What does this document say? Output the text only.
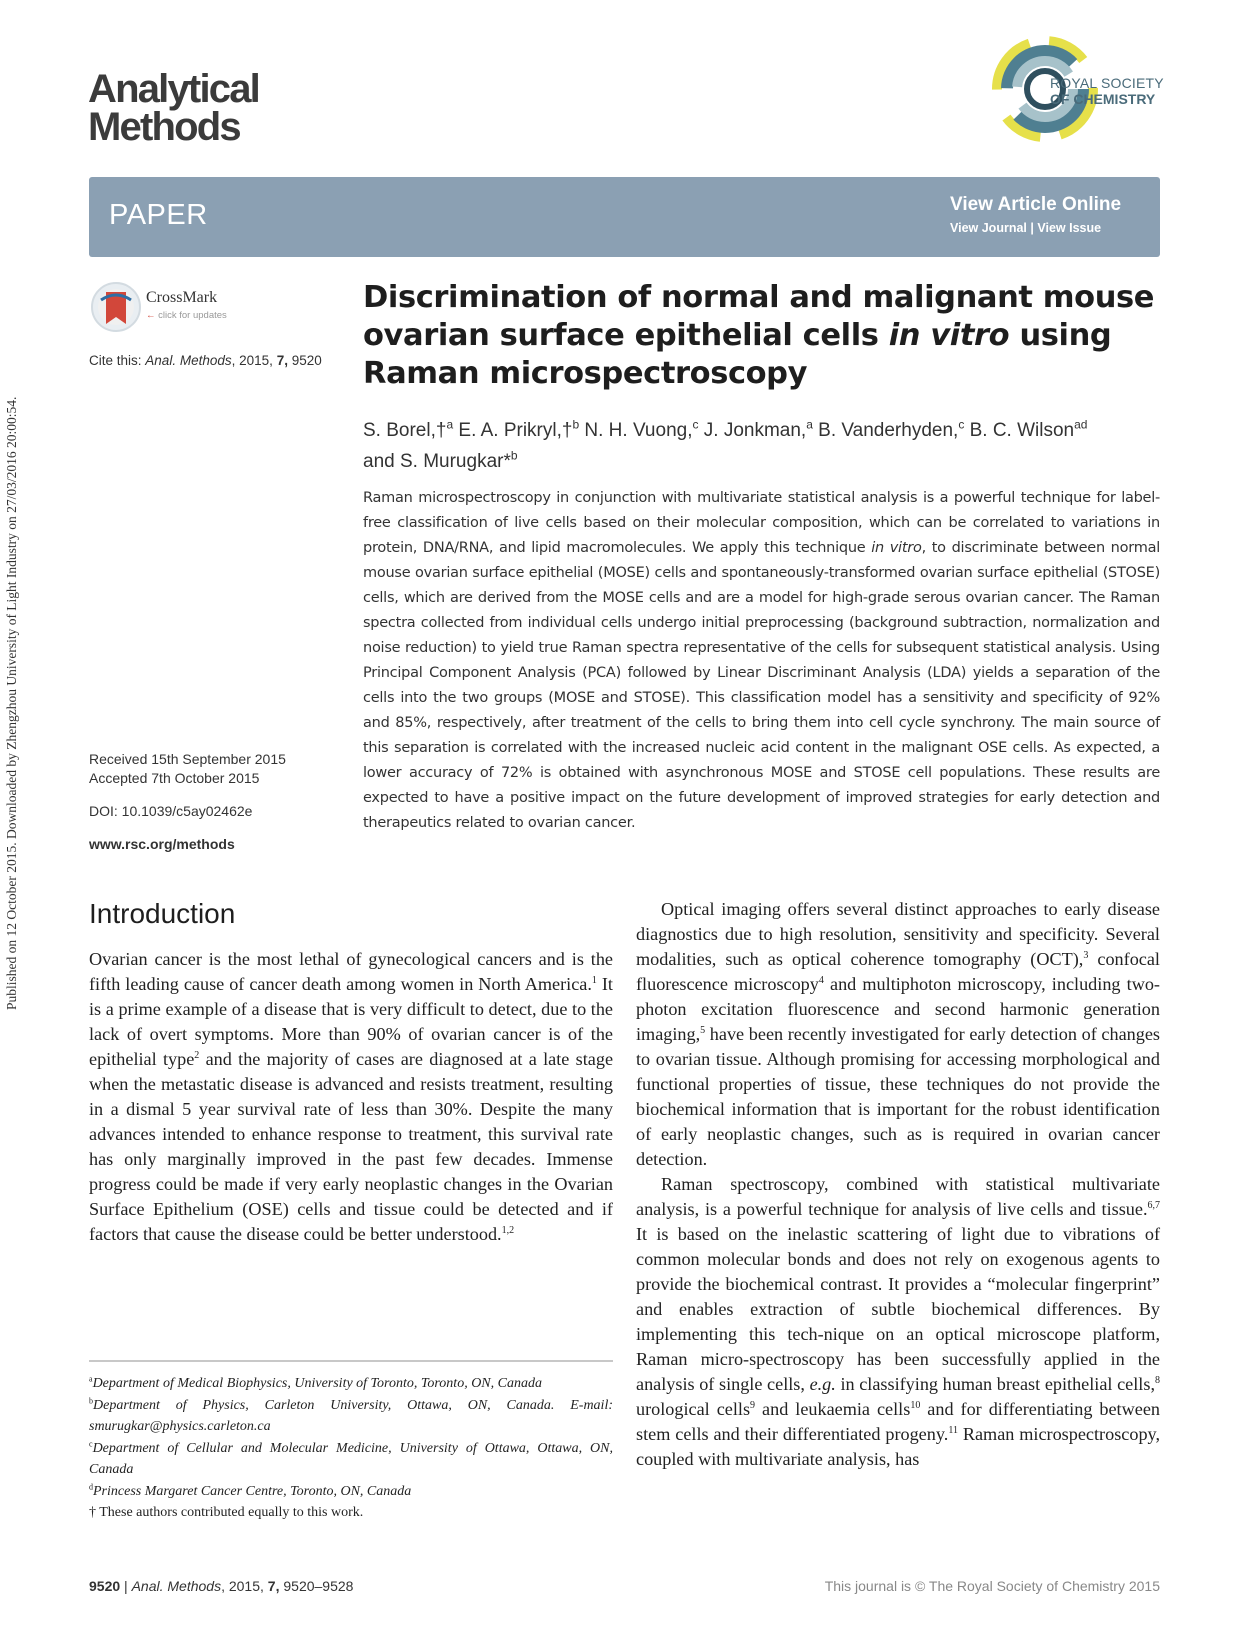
Published on 12 October 2015. Downloaded by Zhengzhou University of Light Industry on 27/03/2016 20:00:54.
Analytical
Methods
ROYAL SOCIETY
OF CHEMISTRY
PAPER	View Article Online
View Journal | View Issue
CrossMark
← click for updates
Cite this: Anal. Methods, 2015, 7, 9520
Discrimination of normal and malignant mouse ovarian surface epithelial cells in vitro using Raman microspectroscopy
S. Borel,†$^a$ E. A. Prikryl,†$^b$ N. H. Vuong,$^c$ J. Jonkman,$^a$ B. Vanderhyden,$^c$ B. C. Wilson$^{ad}$
and S. Murugkar*$^b$
Raman microspectroscopy in conjunction with multivariate statistical analysis is a powerful technique for label-free classification of live cells based on their molecular composition, which can be correlated to variations in protein, DNA/RNA, and lipid macromolecules. We apply this technique in vitro, to discriminate between normal mouse ovarian surface epithelial (MOSE) cells and spontaneously-transformed ovarian surface epithelial (STOSE) cells, which are derived from the MOSE cells and are a model for high-grade serous ovarian cancer. The Raman spectra collected from individual cells undergo initial preprocessing (background subtraction, normalization and noise reduction) to yield true Raman spectra representative of the cells for subsequent statistical analysis. Using Principal Component Analysis (PCA) followed by Linear Discriminant Analysis (LDA) yields a separation of the cells into the two groups (MOSE and STOSE). This classification model has a sensitivity and specificity of 92% and 85%, respectively, after treatment of the cells to bring them into cell cycle synchrony. The main source of this separation is correlated with the increased nucleic acid content in the malignant OSE cells. As expected, a lower accuracy of 72% is obtained with asynchronous MOSE and STOSE cell populations. These results are expected to have a positive impact on the future development of improved strategies for early detection and therapeutics related to ovarian cancer.
Received 15th September 2015
Accepted 7th October 2015
DOI: 10.1039/c5ay02462e
www.rsc.org/methods
Introduction

Ovarian cancer is the most lethal of gynecological cancers and is the fifth leading cause of cancer death among women in North America.$^1$ It is a prime example of a disease that is very difficult to detect, due to the lack of overt symptoms. More than 90% of ovarian cancer is of the epithelial type$^2$ and the majority of cases are diagnosed at a late stage when the metastatic disease is advanced and resists treatment, resulting in a dismal 5 year survival rate of less than 30%. Despite the many advances intended to enhance response to treatment, this survival rate has only marginally improved in the past few decades. Immense progress could be made if very early neoplastic changes in the Ovarian Surface Epithelium (OSE) cells and tissue could be detected and if factors that cause the disease could be better understood.$^{1,2}$

Optical imaging offers several distinct approaches to early disease diagnostics due to high resolution, sensitivity and specificity. Several modalities, such as optical coherence tomography (OCT),$^3$ confocal fluorescence microscopy$^4$ and multiphoton microscopy, including two-photon excitation fluorescence and second harmonic generation imaging,$^5$ have been recently investigated for early detection of changes to ovarian tissue. Although promising for accessing morphological and functional properties of tissue, these techniques do not provide the biochemical information that is important for the robust identification of early neoplastic changes, such as is required in ovarian cancer detection.

Raman spectroscopy, combined with statistical multivariate analysis, is a powerful technique for analysis of live cells and tissue.$^{6,7}$ It is based on the inelastic scattering of light due to vibrations of common molecular bonds and does not rely on exogenous agents to provide the biochemical contrast. It provides a “molecular fingerprint” and enables extraction of subtle biochemical differences. By implementing this tech-nique on an optical microscope platform, Raman micro-spectroscopy has been successfully applied in the analysis of single cells, e.g. in classifying human breast epithelial cells,$^8$ urological cells$^9$ and leukaemia cells$^{10}$ and for differentiating between stem cells and their differentiated progeny.$^{11}$ Raman microspectroscopy, coupled with multivariate analysis, has

$^a$Department of Medical Biophysics, University of Toronto, Toronto, ON, Canada

$^b$Department of Physics, Carleton University, Ottawa, ON, Canada. E-mail: smurugkar@physics.carleton.ca

$^c$Department of Cellular and Molecular Medicine, University of Ottawa, Ottawa, ON, Canada

$^d$Princess Margaret Cancer Centre, Toronto, ON, Canada

† These authors contributed equally to this work.

9520 | Anal. Methods, 2015, 7, 9520–9528	This journal is © The Royal Society of Chemistry 2015
